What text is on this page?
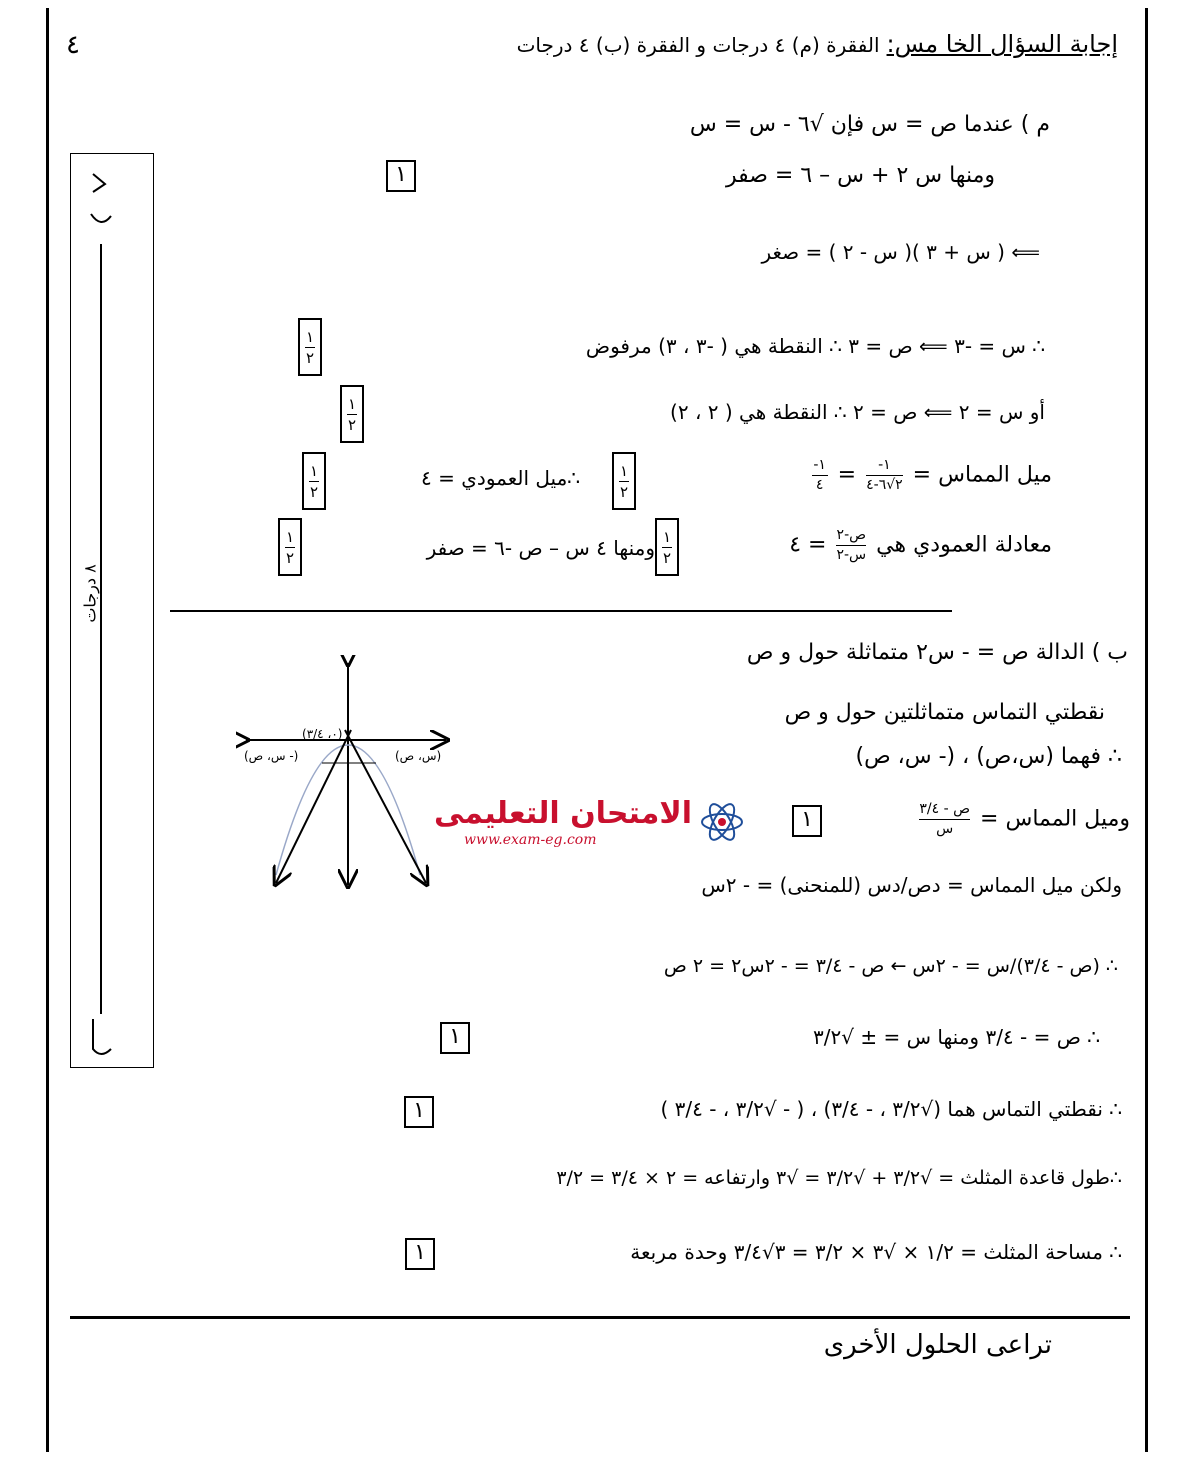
٤	إجابة السؤال الخا مس: الفقرة (م) ٤ درجات و الفقرة (ب) ٤ درجات
٨ درجات
م ) عندما ص = س فإن √٦ - س = س
ومنها س ٢ + س – ٦ = صفر
١
⟸ ( س + ٣ )( س - ٢ ) = صغر
∴ س = -٣ ⟸ ص = ٣ ∴ النقطة هي ( -٣ ، ٣) مرفوض
١
٢
أو س = ٢ ⟸ ص = ٢ ∴ النقطة هي ( ٢ ، ٢)
١
٢
ميل المماس =
$\frac{١-}{٢√٦-٤}$
=
$\frac{١-}{٤}$
١
٢
∴ميل العمودي = ٤
١
٢
معادلة العمودي هي
$\frac{\text{ص-٢}}{\text{س-٢}}$
= ٤
١
٢
ومنها ٤ س – ص -٦ = صفر
١
٢
ب ) الدالة ص = - س٢ متماثلة حول و ص
نقطتي التماس متماثلتين حول و ص
∴ فهما (س،ص) ، (- س، ص)
وميل المماس =
$\frac{\text{ص - ٣/٤}}{\text{س}}$
١
ولكن ميل المماس = دص/دس (للمنحنى) = - ٢س
∴ (ص - ٣/٤)/س = - ٢س ← ص - ٣/٤ = - ٢س٢ = ٢ ص
∴ ص = - ٣/٤ ومنها س = ± √٣/٢
١
∴ نقطتي التماس هما (√٣/٢ ، - ٣/٤) ، ( - √٣/٢ ، - ٣/٤ )
١
∴طول قاعدة المثلث = √٣/٢ + √٣/٢ = √٣ وارتفاعه = ٢ × ٣/٤ = ٣/٢
∴ مساحة المثلث = ١/٢ × √٣ × ٣/٢ = ٣√٣/٤ وحدة مربعة
١
(٠، ٣/٤)
(- س، ص)	(س، ص)
الامتحان التعليمى
www.exam-eg.com
تراعى الحلول الأخرى
